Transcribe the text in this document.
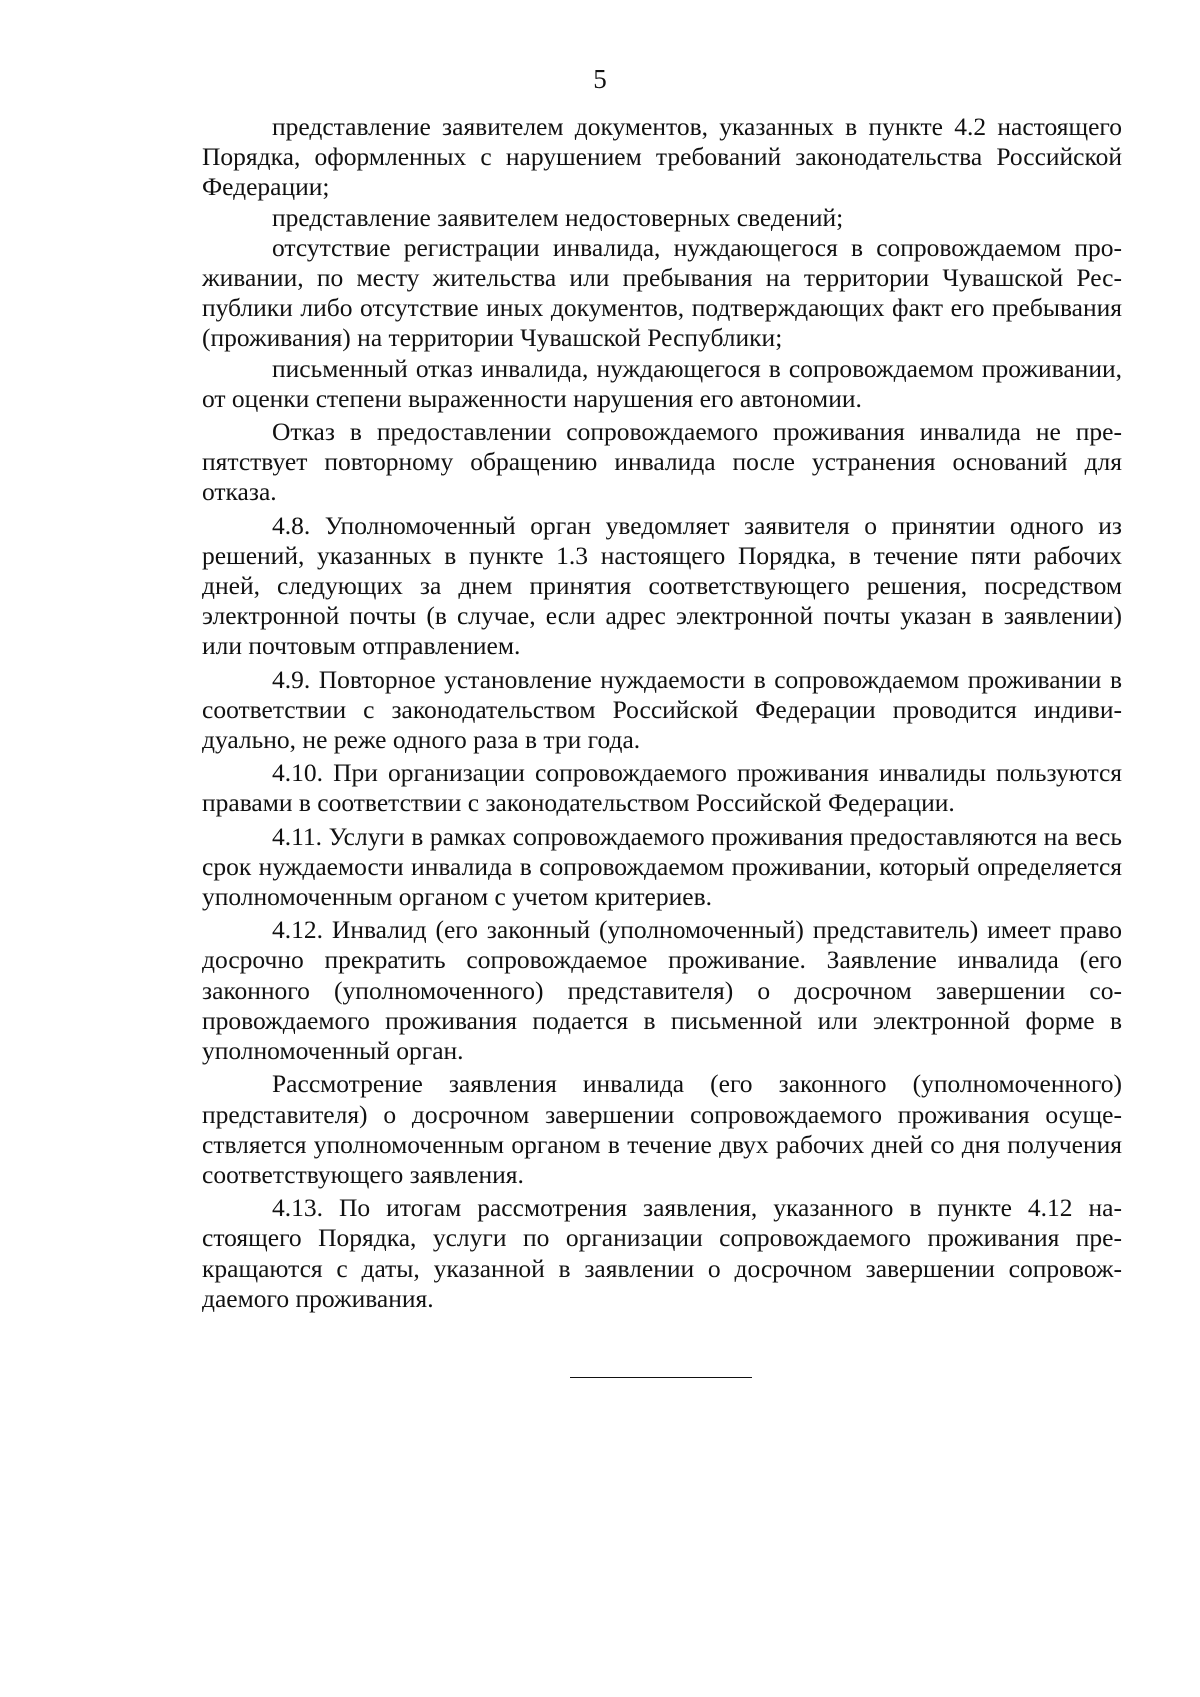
5

представление заявителем документов, указанных в пункте 4.2 настоящего Порядка, оформленных с нарушением требований законодательства Российской Федерации;

представление заявителем недостоверных сведений;

отсутствие регистрации инвалида, нуждающегося в сопровождаемом проживании, по месту жительства или пребывания на территории Чувашской Республики либо отсутствие иных документов, подтверждающих факт его пребывания (проживания) на территории Чувашской Республики;

письменный отказ инвалида, нуждающегося в сопровождаемом проживании, от оценки степени выраженности нарушения его автономии.

Отказ в предоставлении сопровождаемого проживания инвалида не препятствует повторному обращению инвалида после устранения оснований для отказа.

4.8. Уполномоченный орган уведомляет заявителя о принятии одного из решений, указанных в пункте 1.3 настоящего Порядка, в течение пяти рабочих дней, следующих за днем принятия соответствующего решения, посредством электронной почты (в случае, если адрес электронной почты указан в заявлении) или почтовым отправлением.

4.9. Повторное установление нуждаемости в сопровождаемом проживании в соответствии с законодательством Российской Федерации проводится индивидуально, не реже одного раза в три года.

4.10. При организации сопровождаемого проживания инвалиды пользуются правами в соответствии с законодательством Российской Федерации.

4.11. Услуги в рамках сопровождаемого проживания предоставляются на весь срок нуждаемости инвалида в сопровождаемом проживании, который определяется уполномоченным органом с учетом критериев.

4.12. Инвалид (его законный (уполномоченный) представитель) имеет право досрочно прекратить сопровождаемое проживание. Заявление инвалида (его законного (уполномоченного) представителя) о досрочном завершении сопровождаемого проживания подается в письменной или электронной форме в уполномоченный орган.

Рассмотрение заявления инвалида (его законного (уполномоченного) представителя) о досрочном завершении сопровождаемого проживания осуществляется уполномоченным органом в течение двух рабочих дней со дня получения соответствующего заявления.

4.13. По итогам рассмотрения заявления, указанного в пункте 4.12 настоящего Порядка, услуги по организации сопровождаемого проживания прекращаются с даты, указанной в заявлении о досрочном завершении сопровождаемого проживания.
